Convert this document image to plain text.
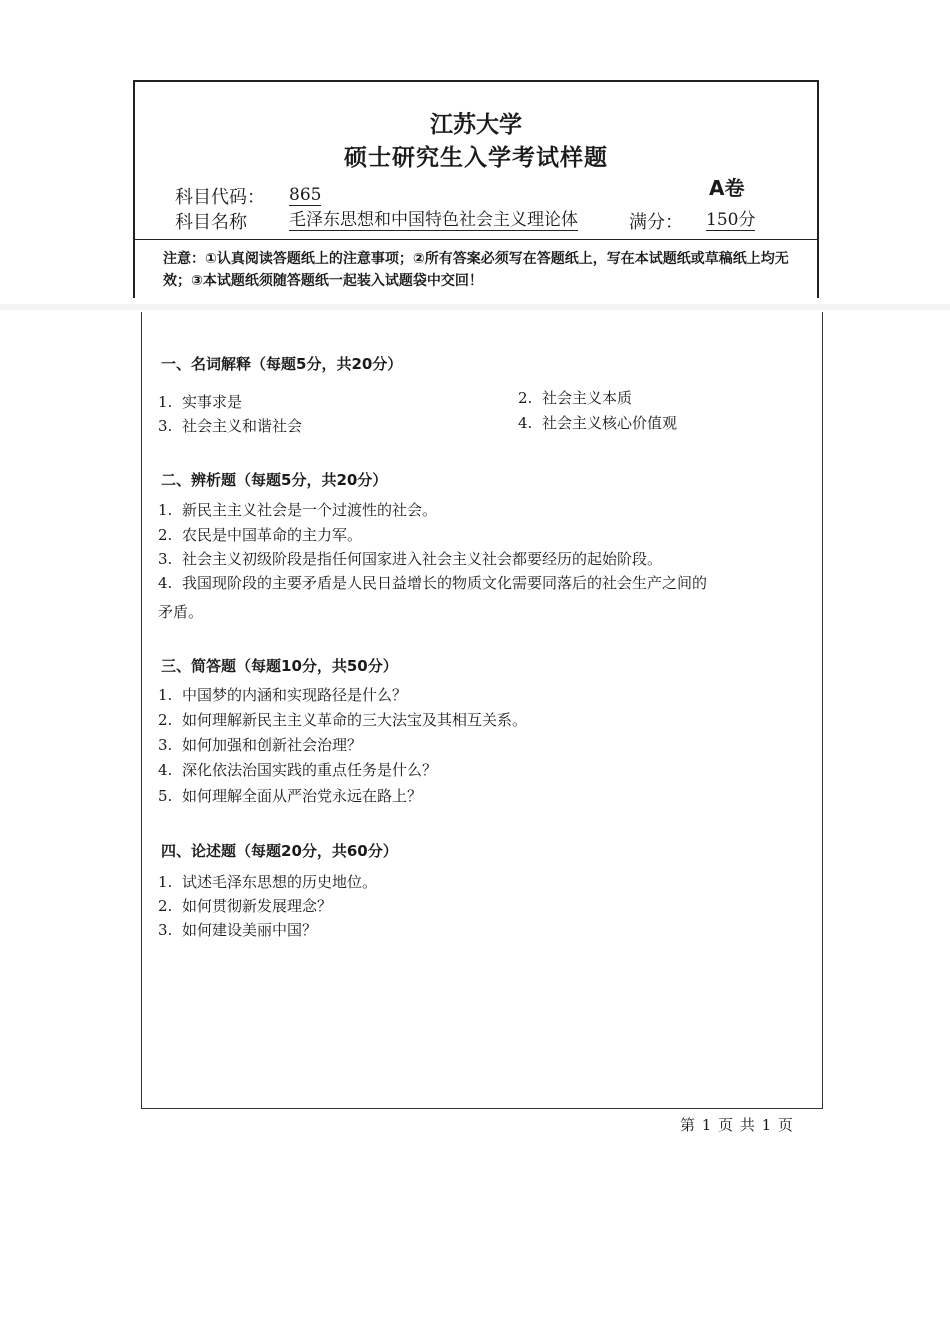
江苏大学
硕士研究生入学考试样题
科目代码： 865	A卷
科目名称 毛泽东思想和中国特色社会主义理论体	满分： 150分
注意：①认真阅读答题纸上的注意事项；②所有答案必须写在答题纸上，写在本试题纸或草稿纸上均无效；③本试题纸须随答题纸一起装入试题袋中交回！
一、名词解释（每题5分，共20分）
1. 实事求是	2. 社会主义本质
3. 社会主义和谐社会	4. 社会主义核心价值观
二、辨析题（每题5分，共20分）
1. 新民主主义社会是一个过渡性的社会。
2. 农民是中国革命的主力军。
3. 社会主义初级阶段是指任何国家进入社会主义社会都要经历的起始阶段。
4. 我国现阶段的主要矛盾是人民日益增长的物质文化需要同落后的社会生产之间的
矛盾。
三、简答题（每题10分，共50分）
1. 中国梦的内涵和实现路径是什么？
2. 如何理解新民主主义革命的三大法宝及其相互关系。
3. 如何加强和创新社会治理？
4. 深化依法治国实践的重点任务是什么？
5. 如何理解全面从严治党永远在路上？
四、论述题（每题20分，共60分）
1. 试述毛泽东思想的历史地位。
2. 如何贯彻新发展理念？
3. 如何建设美丽中国？
第 1 页 共 1 页
